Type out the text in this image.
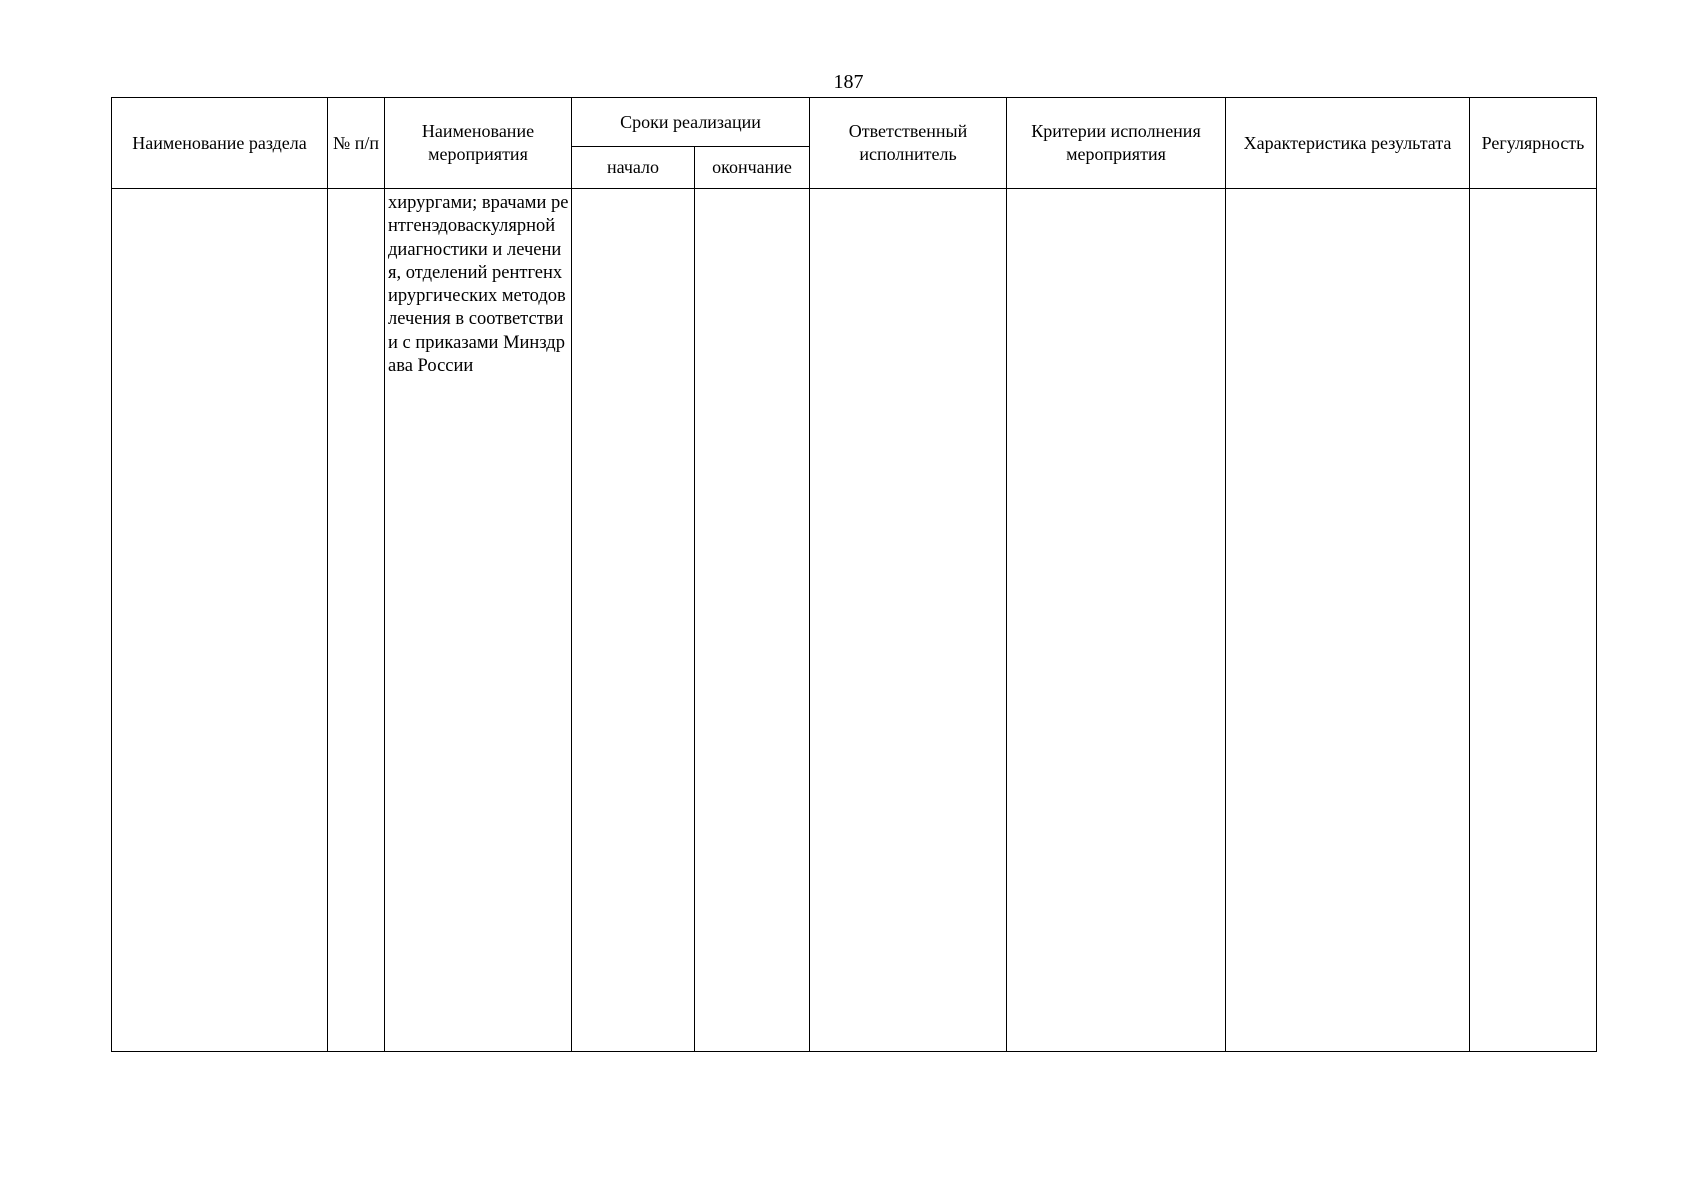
187
Наименование раздела	№ п/п	Наименование мероприятия	Сроки реализации		Ответственный исполнитель	Критерии исполнения мероприятия	Характеристика результата	Регулярность
			начало	окончание				

		хирургами; врачами рентгенэдоваскулярной диагностики и лечения, отделений рентгенхирургических методов лечения в соответствии с приказами Минздрава России						
